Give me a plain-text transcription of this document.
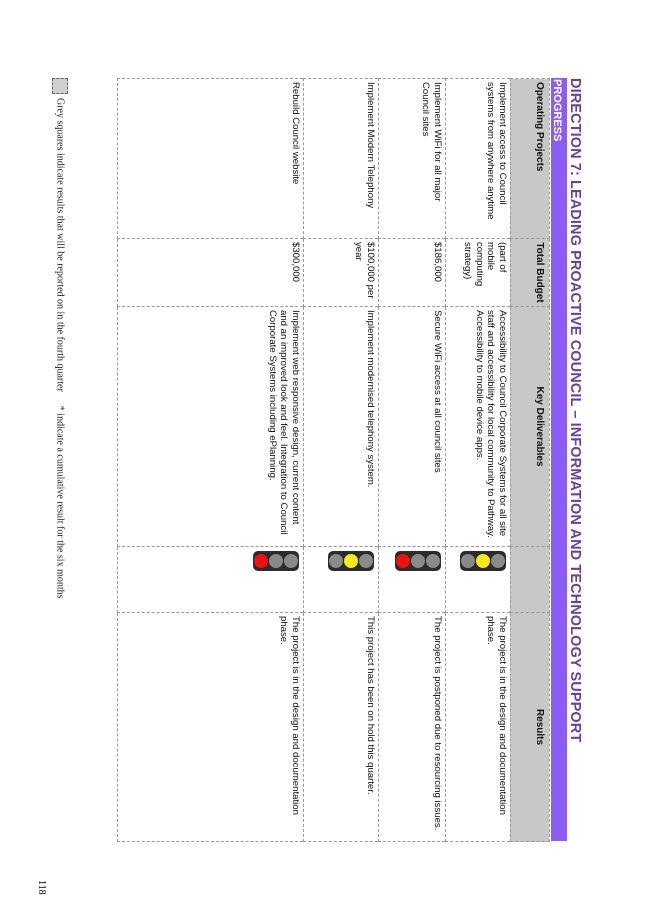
DIRECTION 7: LEADING PROACTIVE COUNCIL – INFORMATION AND TECHNOLOGY SUPPORT
PROGRESS
Operating Projects	Total Budget	Key Deliverables		Results
Implement access to Council systems from anywhere anytime	(part of mobile computing strategy)	Accessibility to Council Corporate Systems for all site staff and accessibility for local community to Pathway. Accessibility to mobile device apps.		The project is in the design and documentation phase.
Implement WiFi for all major Council sites	$186,000	Secure WiFi access at all council sites		The project is postponed due to resourcing issues.
Implement Modern Telephony	$100,000 per year	Implement modernised telephony system.		This project has been on hold this quarter.
Rebuild Council website	$300,000	Implement web responsive design, current content and an improved look and feel. Integration to Council Corporate Systems including ePlanning.		The project is in the design and documentation phase.
Grey squares indicate results that will be reported on in the fourth quarter* indicate a cumulative result for the six months
118
